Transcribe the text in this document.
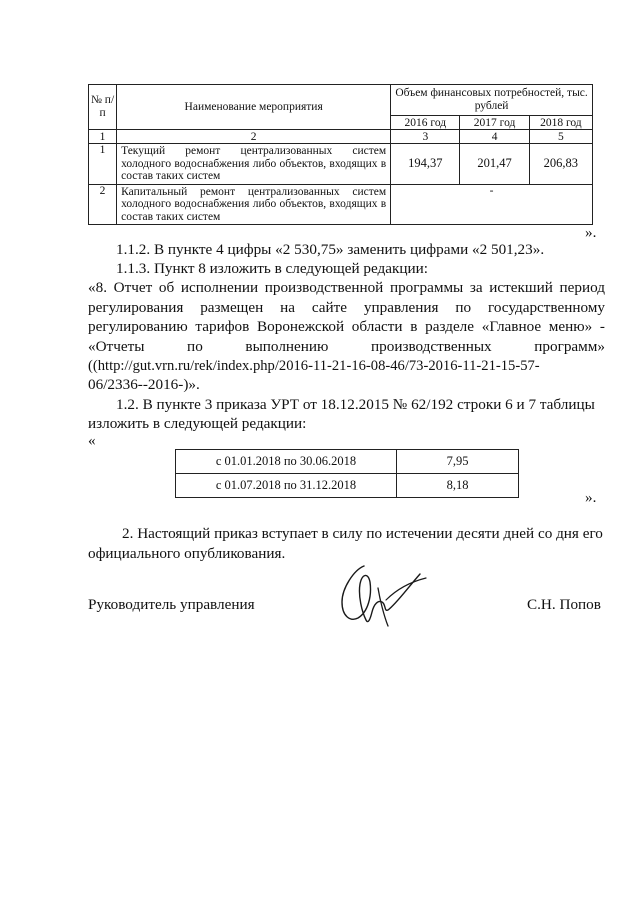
№ п/п	Наименование мероприятия	Объем финансовых потребностей, тыс. рублей		
		2016 год	2017 год	2018 год
1	2	3	4	5
1	Текущий ремонт централизованных систем холодного водоснабжения либо объектов, входящих в состав таких систем	194,37	201,47	206,83
2	Капитальный ремонт централизованных систем холодного водоснабжения либо объектов, входящих в состав таких систем	-		
».
1.1.2. В пункте 4 цифры «2 530,75» заменить цифрами «2 501,23».
1.1.3. Пункт 8 изложить в следующей редакции:
«8. Отчет об исполнении производственной программы за истекший период
регулирования размещен на сайте управления по государственному
регулированию тарифов Воронежской области в разделе «Главное меню» -
«Отчеты по выполнению производственных программ»
((http://gut.vrn.ru/rek/index.php/2016-11-21-16-08-46/73-2016-11-21-15-57-
06/2336--2016-)».
1.2. В пункте 3 приказа УРТ от 18.12.2015 № 62/192 строки 6 и 7 таблицы
изложить в следующей редакции:
«
с 01.01.2018 по 30.06.2018	7,95
с 01.07.2018 по 31.12.2018	8,18
».
2. Настоящий приказ вступает в силу по истечении десяти дней со дня его
официального опубликования.
Руководитель управления	С.Н. Попов
